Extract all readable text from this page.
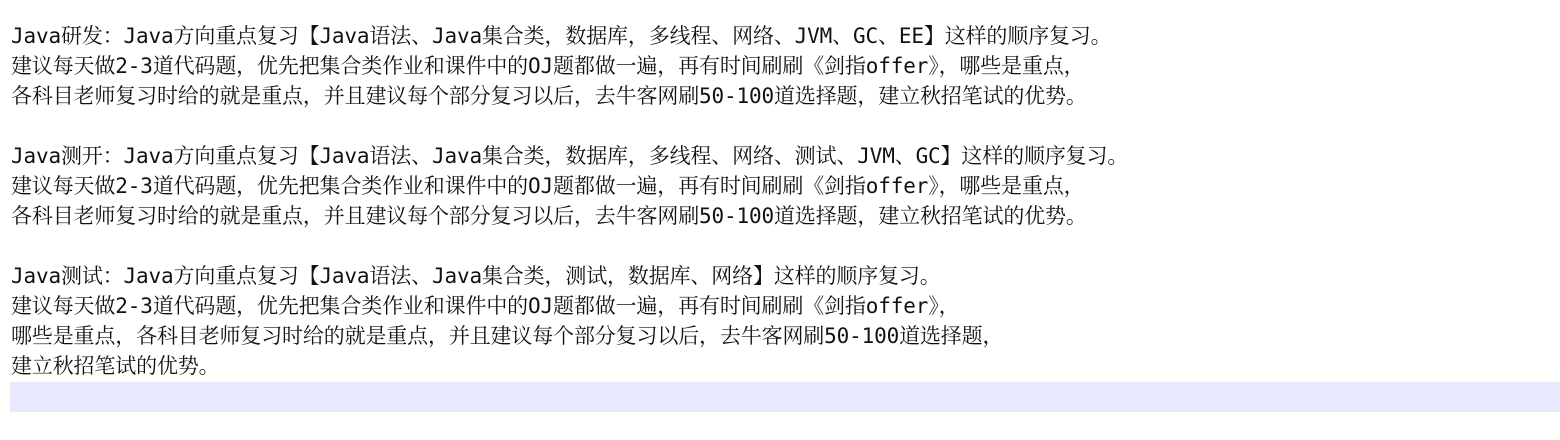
Java研发：Java方向重点复习【Java语法、Java集合类，数据库，多线程、网络、JVM、GC、EE】这样的顺序复习。
建议每天做2-3道代码题，优先把集合类作业和课件中的OJ题都做一遍，再有时间刷刷《剑指offer》，哪些是重点，
各科目老师复习时给的就是重点，并且建议每个部分复习以后，去牛客网刷50-100道选择题，建立秋招笔试的优势。
Java测开：Java方向重点复习【Java语法、Java集合类，数据库，多线程、网络、测试、JVM、GC】这样的顺序复习。
建议每天做2-3道代码题，优先把集合类作业和课件中的OJ题都做一遍，再有时间刷刷《剑指offer》，哪些是重点，
各科目老师复习时给的就是重点，并且建议每个部分复习以后，去牛客网刷50-100道选择题，建立秋招笔试的优势。
Java测试：Java方向重点复习【Java语法、Java集合类，测试，数据库、网络】这样的顺序复习。
建议每天做2-3道代码题，优先把集合类作业和课件中的OJ题都做一遍，再有时间刷刷《剑指offer》，
哪些是重点，各科目老师复习时给的就是重点，并且建议每个部分复习以后，去牛客网刷50-100道选择题，
建立秋招笔试的优势。
